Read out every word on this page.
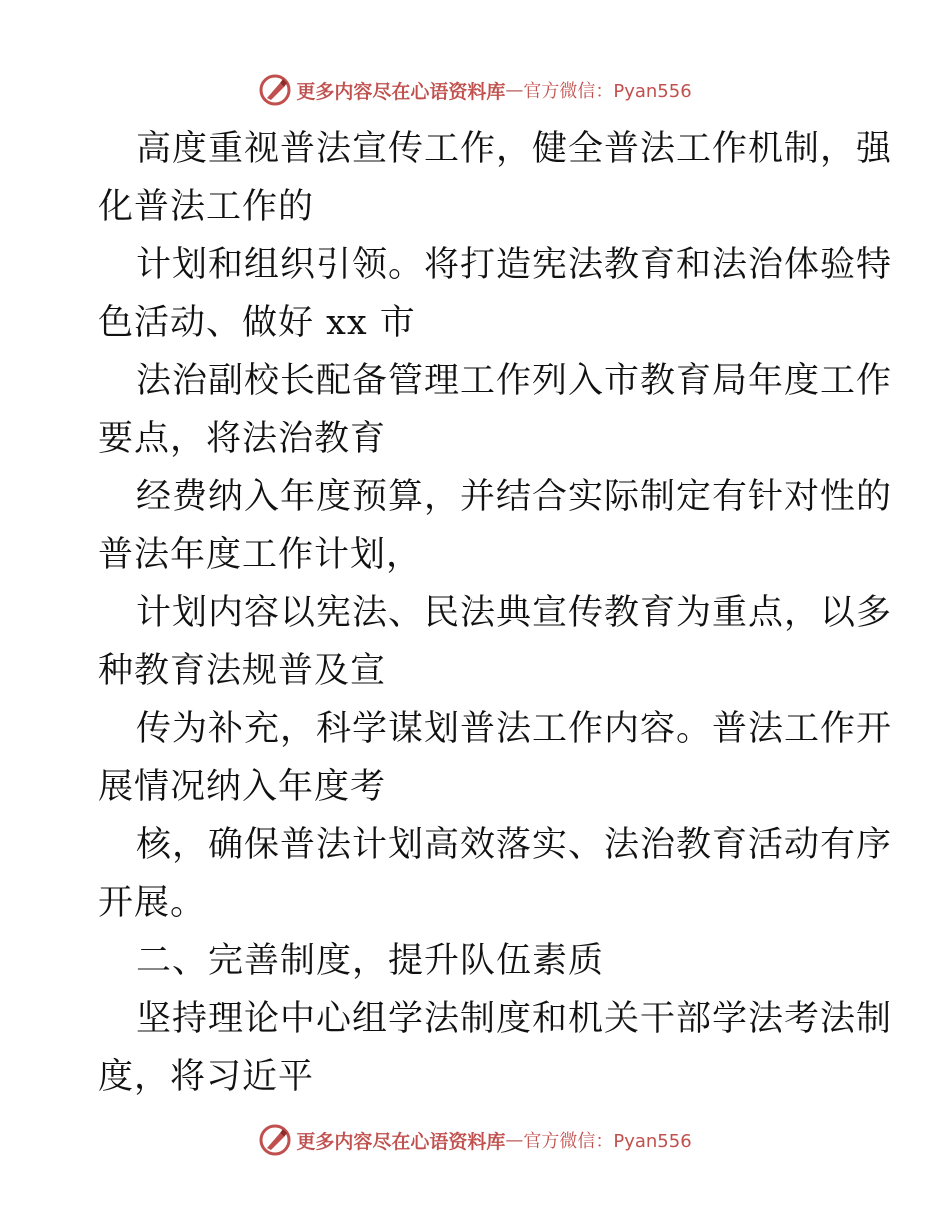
更多内容尽在心语资料库 — 官方微信：Pyan556
高度重视普法宣传工作，健全普法工作机制，强
化普法工作的
计划和组织引领。将打造宪法教育和法治体验特
色活动、做好 xx 市
法治副校长配备管理工作列入市教育局年度工作
要点，将法治教育
经费纳入年度预算，并结合实际制定有针对性的
普法年度工作计划，
计划内容以宪法、民法典宣传教育为重点，以多
种教育法规普及宣
传为补充，科学谋划普法工作内容。普法工作开
展情况纳入年度考
核，确保普法计划高效落实、法治教育活动有序
开展。
二、完善制度，提升队伍素质
坚持理论中心组学法制度和机关干部学法考法制
度，将习近平
更多内容尽在心语资料库 — 官方微信：Pyan556
